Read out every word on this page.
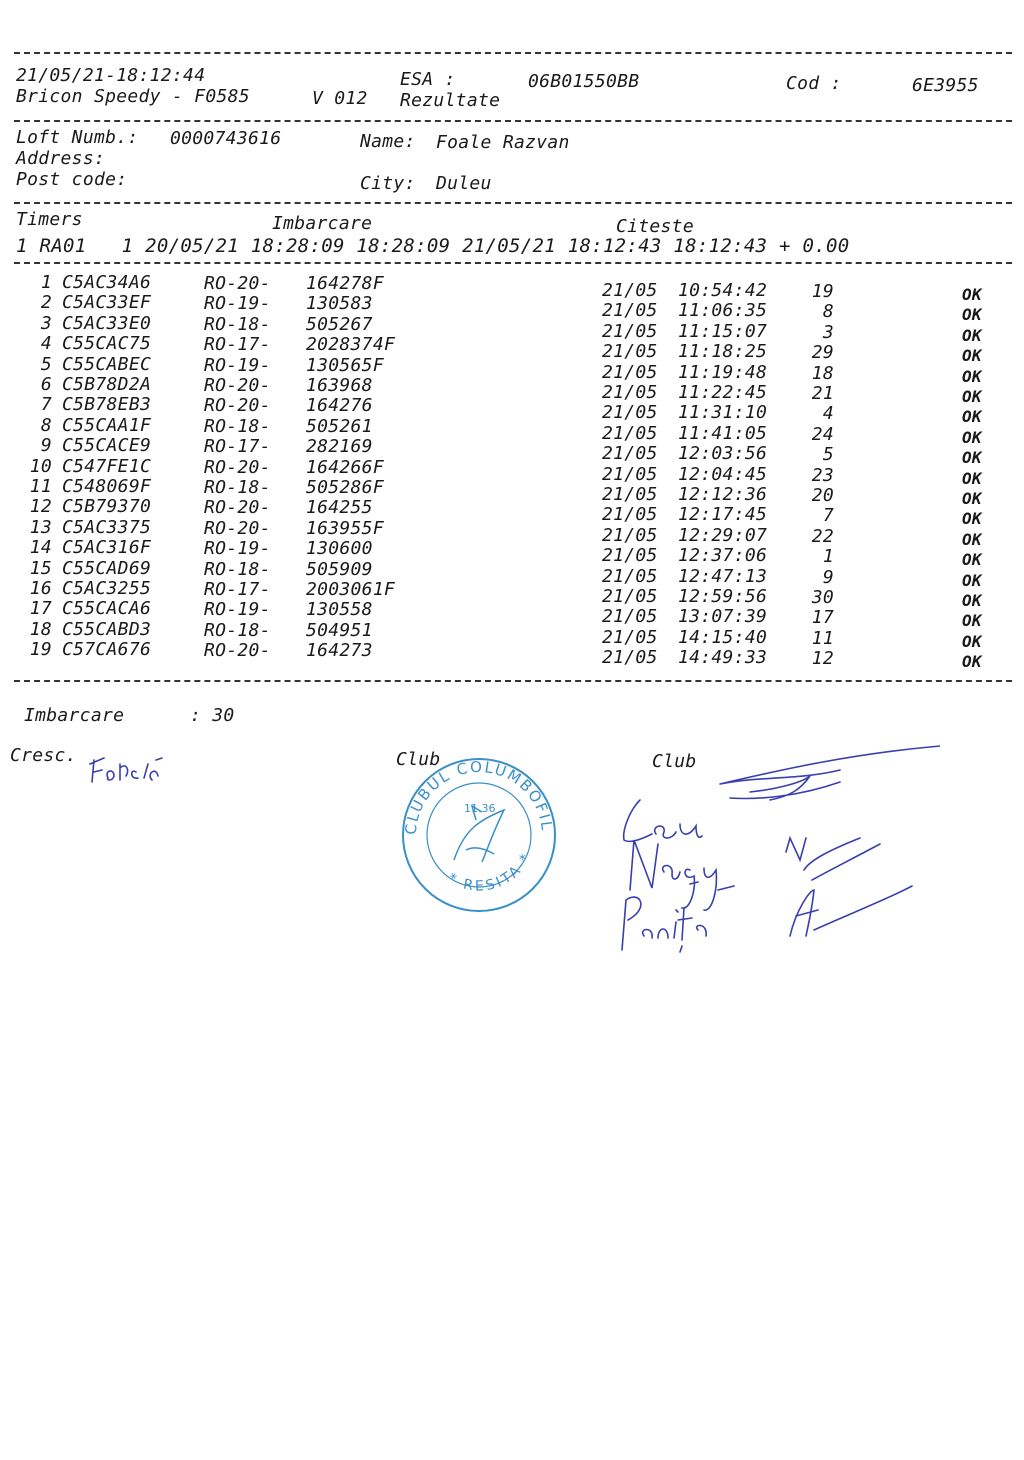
21/05/21-18:12:44	ESA :	06B01550BB	Cod :	6E3955
Bricon Speedy - F0585	V 012 Rezultate
Loft Numb.: 0000743616	Name: Foale Razvan
Address:
Post code:	City: Duleu
Timers	Imbarcare	Citeste
1 RA01   1 20/05/21 18:28:09 18:28:09 21/05/21 18:12:43 18:12:43 + 0.00
1 C5AC34A6	RO-20- 164278F	21/05 10:54:42	19	OK
2 C5AC33EF	RO-19- 130583	21/05 11:06:35	8	OK
3 C5AC33E0	RO-18- 505267	21/05 11:15:07	3	OK
4 C55CAC75	RO-17- 2028374F	21/05 11:18:25	29	OK
5 C55CABEC	RO-19- 130565F	21/05 11:19:48	18	OK
6 C5B78D2A	RO-20- 163968	21/05 11:22:45	21	OK
7 C5B78EB3	RO-20- 164276	21/05 11:31:10	4	OK
8 C55CAA1F	RO-18- 505261	21/05 11:41:05	24	OK
9 C55CACE9	RO-17- 282169	21/05 12:03:56	5	OK
10 C547FE1C	RO-20- 164266F	21/05 12:04:45	23	OK
11 C548069F	RO-18- 505286F	21/05 12:12:36	20	OK
12 C5B79370	RO-20- 164255	21/05 12:17:45	7	OK
13 C5AC3375	RO-20- 163955F	21/05 12:29:07	22	OK
14 C5AC316F	RO-19- 130600	21/05 12:37:06	1	OK
15 C55CAD69	RO-18- 505909	21/05 12:47:13	9	OK
16 C5AC3255	RO-17- 2003061F	21/05 12:59:56	30	OK
17 C55CACA6	RO-19- 130558	21/05 13:07:39	17	OK
18 C55CABD3	RO-18- 504951	21/05 14:15:40	11	OK
19 C57CA676	RO-20- 164273	21/05 14:49:33	12	OK
Imbarcare	: 30
Cresc.	Club	Club
CLUBUL COLUMBOFIL
* RESITA *
11.36
